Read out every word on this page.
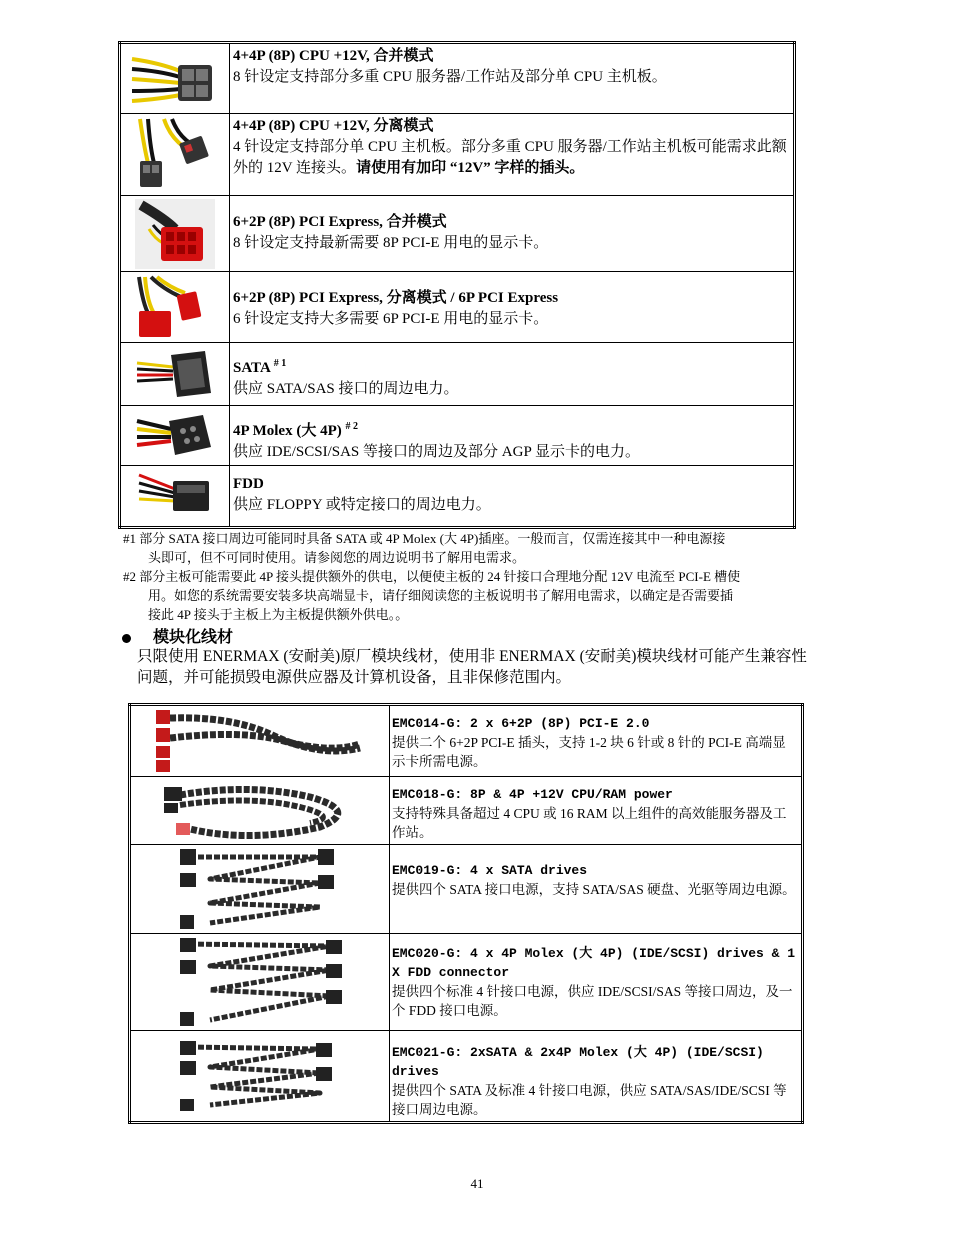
4+4P (8P) CPU +12V, 合并模式
8 针设定支持部分多重 CPU 服务器/工作站及部分单 CPU 主机板。

4+4P (8P) CPU +12V, 分离模式
4 针设定支持部分单 CPU 主机板。部分多重 CPU 服务器/工作站主机板可能需求此额外的 12V 连接头。请使用有加印 “12V” 字样的插头。

6+2P (8P) PCI Express, 合并模式
8 针设定支持最新需要 8P PCI-E 用电的显示卡。

6+2P (8P) PCI Express, 分离模式 / 6P PCI Express
6 针设定支持大多需要 6P PCI-E 用电的显示卡。

SATA $^{\# 1}$
供应 SATA/SAS 接口的周边电力。

4P Molex (大 4P) $^{\# 2}$
供应 IDE/SCSI/SAS 等接口的周边及部分 AGP 显示卡的电力。

FDD
供应 FLOPPY 或特定接口的周边电力。
#1 部分 SATA 接口周边可能同时具备 SATA 或 4P Molex (大 4P)插座。一般而言，仅需连接其中一种电源接
头即可，但不可同时使用。请参阅您的周边说明书了解用电需求。
#2 部分主板可能需要此 4P 接头提供额外的供电，以便使主板的 24 针接口合理地分配 12V 电流至 PCI-E 槽使
用。如您的系统需要安装多块高端显卡，请仔细阅读您的主板说明书了解用电需求，以确定是否需要插
接此 4P 接头于主板上为主板提供额外供电。。
模块化线材
只限使用 ENERMAX (安耐美)原厂模块线材，使用非 ENERMAX (安耐美)模块线材可能产生兼容性问题，并可能损毁电源供应器及计算机设备，且非保修范围内。

EMC014-G: 2 x 6+2P (8P) PCI-E 2.0
提供二个 6+2P PCI-E 插头，支持 1-2 块 6 针或 8 针的 PCI-E 高端显示卡所需电源。

EMC018-G: 8P & 4P +12V CPU/RAM power
支持特殊具备超过 4 CPU 或 16 RAM 以上组件的高效能服务器及工作站。

EMC019-G: 4 x SATA drives
提供四个 SATA 接口电源，支持 SATA/SAS 硬盘、光驱等周边电源。

EMC020-G: 4 x 4P Molex (大 4P) (IDE/SCSI) drives & 1 X FDD connector
提供四个标准 4 针接口电源，供应 IDE/SCSI/SAS 等接口周边，及一个 FDD 接口电源。

EMC021-G: 2xSATA & 2x4P Molex (大 4P) (IDE/SCSI) drives
提供四个 SATA 及标准 4 针接口电源，供应 SATA/SAS/IDE/SCSI 等接口周边电源。
41
